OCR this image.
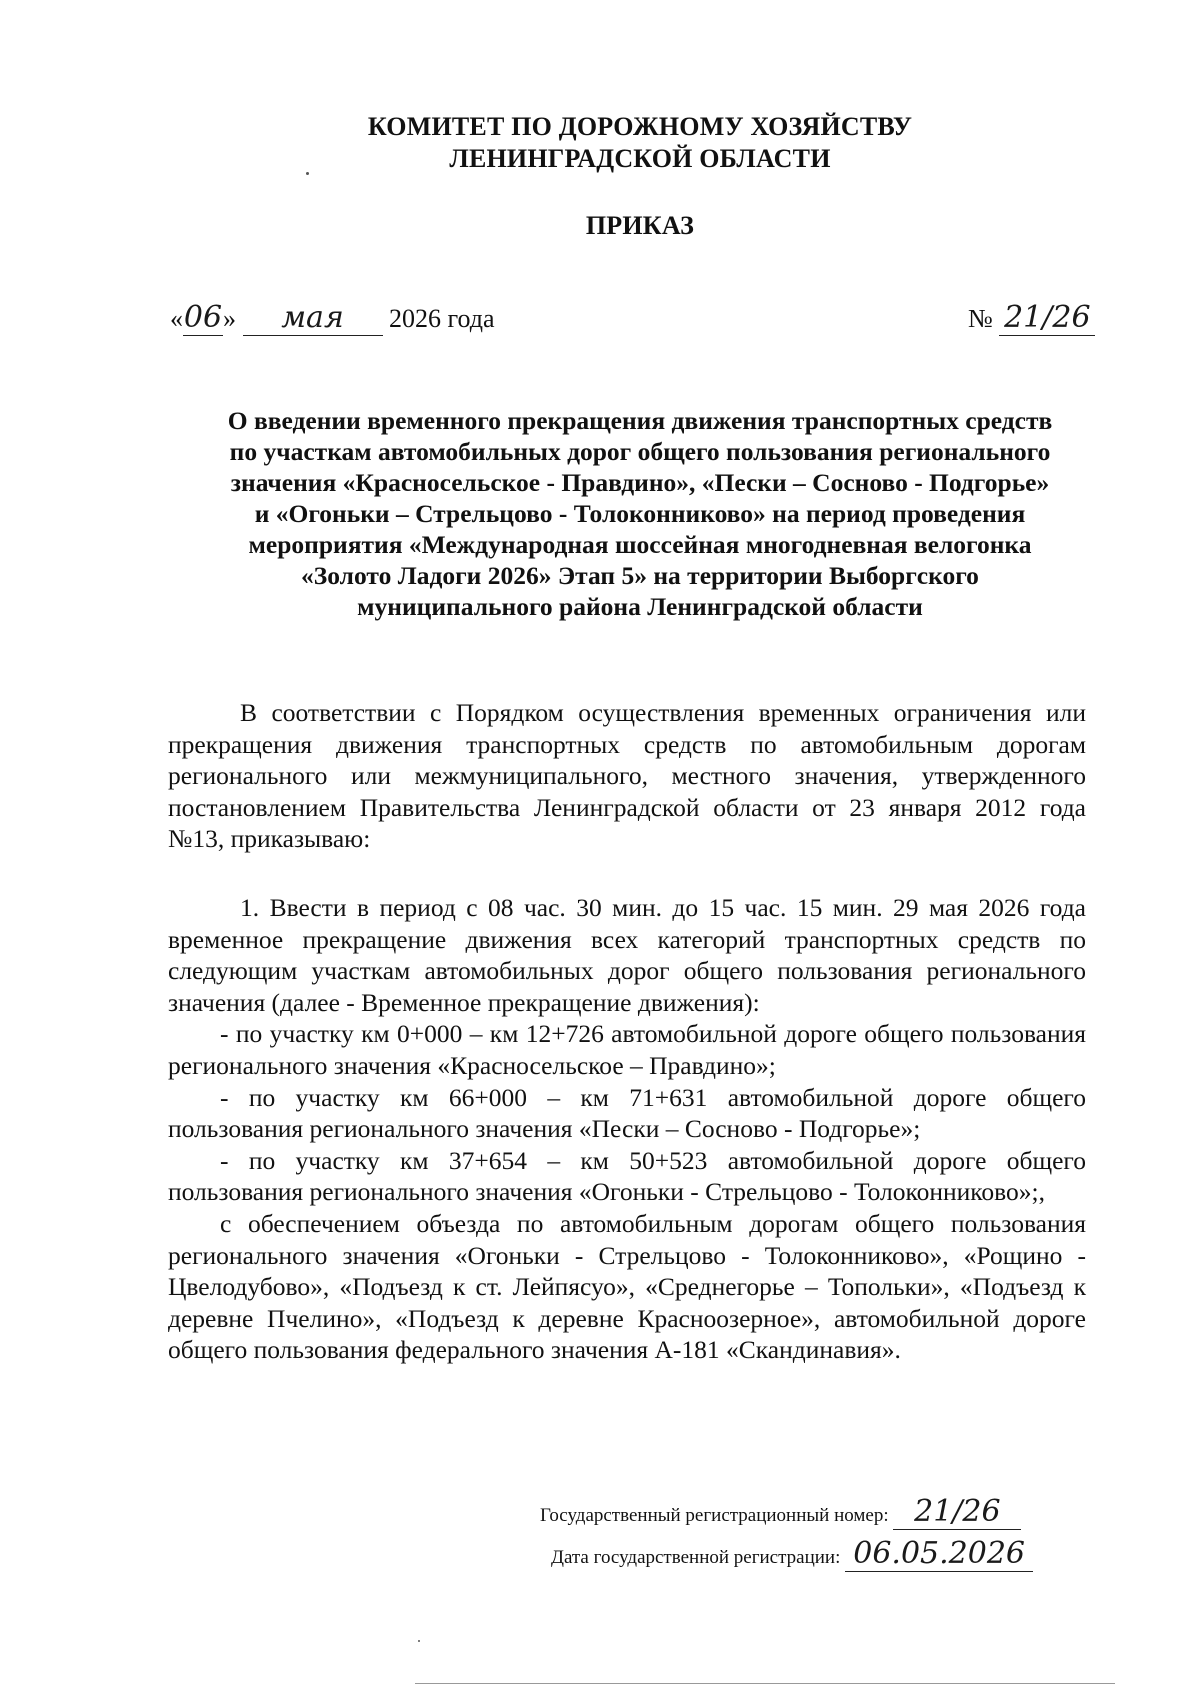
КОМИТЕТ ПО ДОРОЖНОМУ ХОЗЯЙСТВУ
ЛЕНИНГРАДСКОЙ ОБЛАСТИ
ПРИКАЗ
«06» мая 2026 года	№ 21/26
О введении временного прекращения движения транспортных средств
по участкам автомобильных дорог общего пользования регионального
значения «Красносельское - Правдино», «Пески – Сосново - Подгорье»
и «Огоньки – Стрельцово - Толоконниково» на период проведения
мероприятия «Международная шоссейная многодневная велогонка
«Золото Ладоги 2026» Этап 5» на территории Выборгского
муниципального района Ленинградской области

В соответствии с Порядком осуществления временных ограничения или прекращения движения транспортных средств по автомобильным дорогам регионального или межмуниципального, местного значения, утвержденного постановлением Правительства Ленинградской области от 23 января 2012 года №13, приказываю:

1. Ввести в период с 08 час. 30 мин. до 15 час. 15 мин. 29 мая 2026 года временное прекращение движения всех категорий транспортных средств по следующим участкам автомобильных дорог общего пользования регионального значения (далее - Временное прекращение движения):

- по участку км 0+000 – км 12+726 автомобильной дороге общего пользования регионального значения «Красносельское – Правдино»;

- по участку км 66+000 – км 71+631 автомобильной дороге общего пользования регионального значения «Пески – Сосново - Подгорье»;

- по участку км 37+654 – км 50+523 автомобильной дороге общего пользования регионального значения «Огоньки - Стрельцово - Толоконниково»;,

с обеспечением объезда по автомобильным дорогам общего пользования регионального значения «Огоньки - Стрельцово - Толоконниково», «Рощино - Цвелодубово», «Подъезд к ст. Лейпясуо», «Среднегорье – Топольки», «Подъезд к деревне Пчелино», «Подъезд к деревне Красноозерное», автомобильной дороге общего пользования федерального значения А-181 «Скандинавия».

Государственный регистрационный номер: 21/26
Дата государственной регистрации: 06.05.2026
